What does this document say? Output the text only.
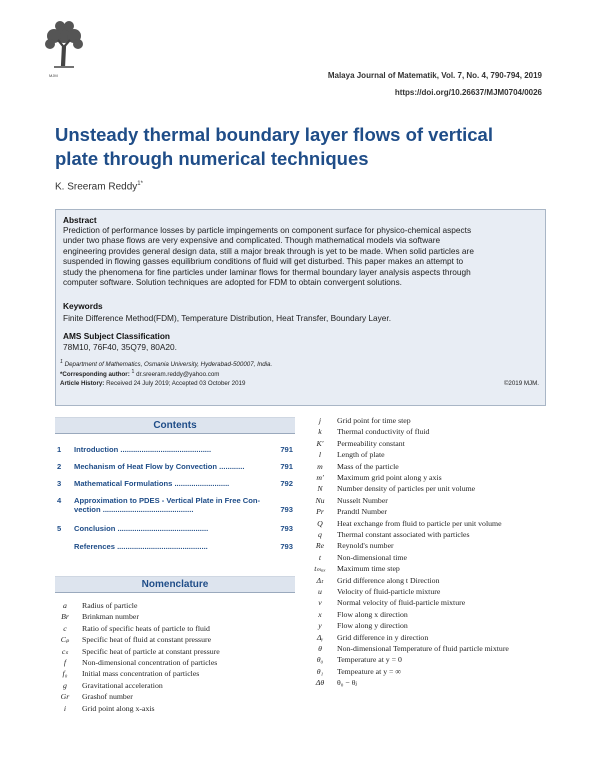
MJM	Malaya Journal of Matematik, Vol. 7, No. 4, 790-794, 2019
https://doi.org/10.26637/MJM0704/0026
Unsteady thermal boundary layer flows of vertical
plate through numerical techniques
K. Sreeram Reddy$^{1*}$
Abstract
Prediction of performance losses by particle impingements on component surface for physico-chemical aspects
under two phase flows are very expensive and complicated. Though mathematical models via software
engineering provides general design data, still a major break through is yet to be made. When solid particles are
suspended in flowing gasses equilibrium conditions of fluid will get disturbed. This paper makes an attempt to
study the phenomena for fine particles under laminar flows for thermal boundary layer analysis aspects through
computer software. Solution techniques are adopted for FDM to obtain convergent solutions.
Keywords
Finite Difference Method(FDM), Temperature Distribution, Heat Transfer, Boundary Layer.
AMS Subject Classification
78M10, 76F40, 35Q79, 80A20.
$^1$ Department of Mathematics, Osmania University, Hyderabad-500007, India.
*Corresponding author: $^1$ dr.sreeram.reddy@yahoo.com
Article History: Received 24 July 2019; Accepted 03 October 2019	©2019 MJM.
Contents
1 Introduction ...........................................	791
2 Mechanism of Heat Flow by Convection ............	791
3 Mathematical Formulations ..........................	792
4 Approximation to PDES - Vertical Plate in Free Con-
vection ...........................................	793
5 Conclusion ...........................................	793
References ...........................................	793
Nomenclature
a	Radius of particle
Br	Brinkman number
c	Ratio of specific heats of particle to fluid
Cₚ	Specific heat of fluid at constant pressure
cₛ	Specific heat of particle at constant pressure
f	Non-dimensional concentration of particles
f₀	Initial mass concentration of particles
g	Gravitational acceleration
Gr	Grashof number
i	Grid point along x-axis
j	Grid point for time step
k	Thermal conductivity of fluid
K′	Permeability constant
l	Length of plate
m	Mass of the particle
m′	Maximum grid point along y axis
N	Number density of particles per unit volume
Nu	Nusselt Number
Pr	Prandtl Number
Q	Heat exchange from fluid to particle per unit volume
q	Thermal constant associated with particles
Re	Reynold's number
t	Non-dimensional time
tₘₐₓ	Maximum time step
Δₜ	Grid difference along t Direction
u	Velocity of fluid-particle mixture
v	Normal velocity of fluid-particle mixture
x	Flow along x direction
y	Flow along y direction
Δᵧ	Grid difference in y direction
θ	Non-dimensional Temperature of fluid particle mixture
θ₀	Temperature at y = 0
θ₁	Tempeature at y = ∞
Δθ	θ₀ − θⱼ
